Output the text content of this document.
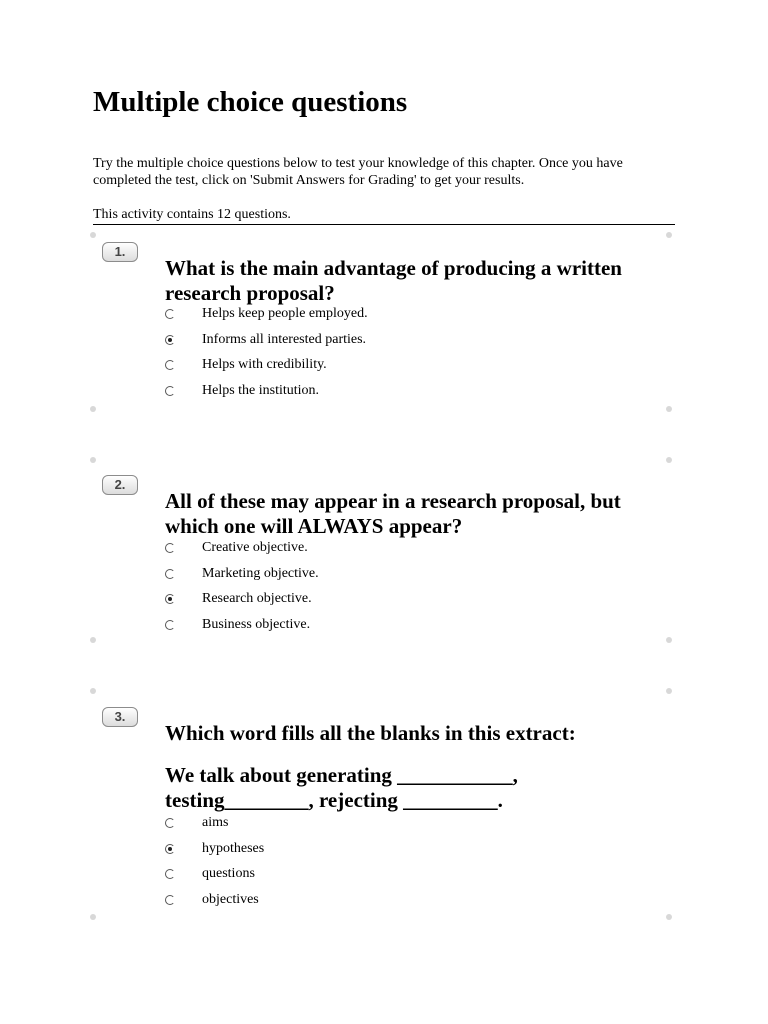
Multiple choice questions

Try the multiple choice questions below to test your knowledge of this chapter. Once you have completed the test, click on 'Submit Answers for Grading' to get your results.

This activity contains 12 questions.

1.

What is the main advantage of producing a written research proposal?

Helps keep people employed.
Informs all interested parties.
Helps with credibility.
Helps the institution.
2.

All of these may appear in a research proposal, but which one will ALWAYS appear?

Creative objective.
Marketing objective.
Research objective.
Business objective.
3.

Which word fills all the blanks in this extract:

We talk about generating ___________, testing________, rejecting _________.

aims
hypotheses
questions
objectives
